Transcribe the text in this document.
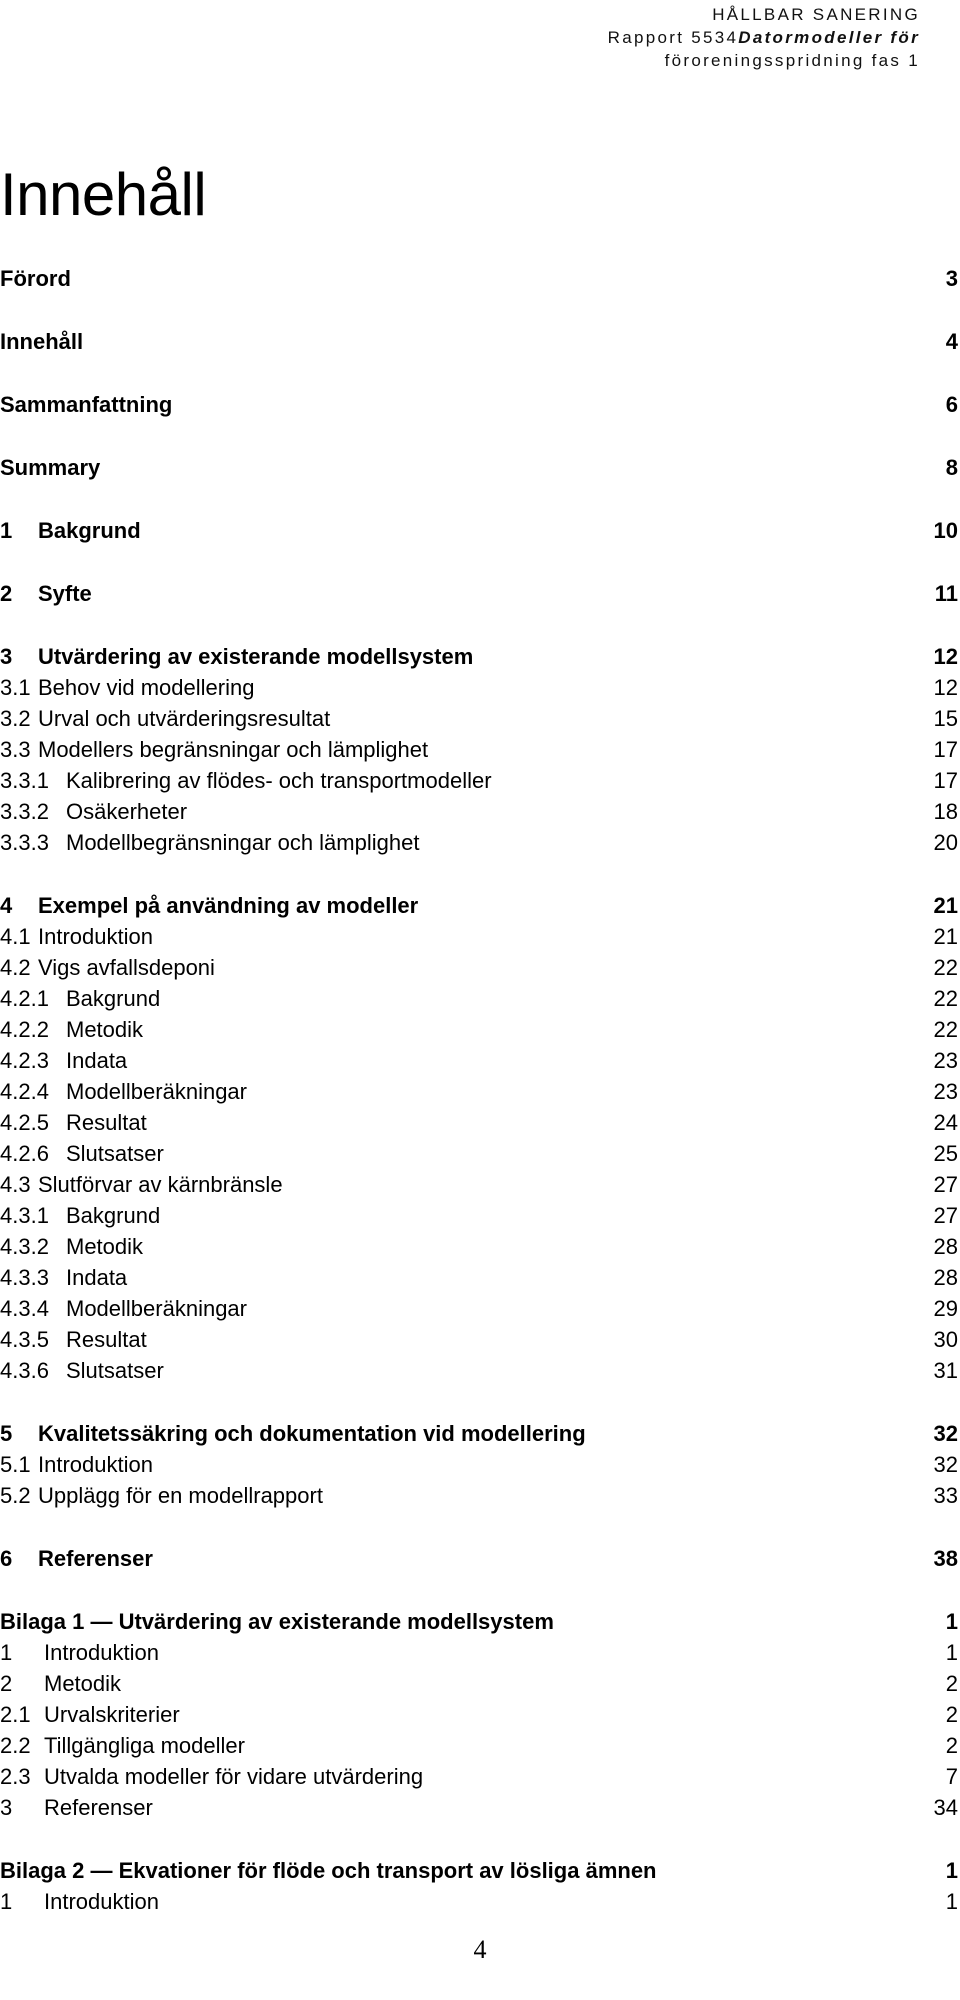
HÅLLBAR SANERING
Rapport 5534Datormodeller för
föroreningsspridning fas 1
Innehåll
Förord	3
Innehåll	4
Sammanfattning	6
Summary	8
1 Bakgrund	10
2 Syfte	11
3 Utvärdering av existerande modellsystem	12
3.1 Behov vid modellering	12
3.2 Urval och utvärderingsresultat	15
3.3 Modellers begränsningar och lämplighet	17
3.3.1 Kalibrering av flödes- och transportmodeller	17
3.3.2 Osäkerheter	18
3.3.3 Modellbegränsningar och lämplighet	20
4 Exempel på användning av modeller	21
4.1 Introduktion	21
4.2 Vigs avfallsdeponi	22
4.2.1 Bakgrund	22
4.2.2 Metodik	22
4.2.3 Indata	23
4.2.4 Modellberäkningar	23
4.2.5 Resultat	24
4.2.6 Slutsatser	25
4.3 Slutförvar av kärnbränsle	27
4.3.1 Bakgrund	27
4.3.2 Metodik	28
4.3.3 Indata	28
4.3.4 Modellberäkningar	29
4.3.5 Resultat	30
4.3.6 Slutsatser	31
5 Kvalitetssäkring och dokumentation vid modellering	32
5.1 Introduktion	32
5.2 Upplägg för en modellrapport	33
6 Referenser	38
Bilaga 1 — Utvärdering av existerande modellsystem	1
1 Introduktion	1
2 Metodik	2
2.1 Urvalskriterier	2
2.2 Tillgängliga modeller	2
2.3 Utvalda modeller för vidare utvärdering	7
3 Referenser	34
Bilaga 2 — Ekvationer för flöde och transport av lösliga ämnen	1
1 Introduktion	1
4
